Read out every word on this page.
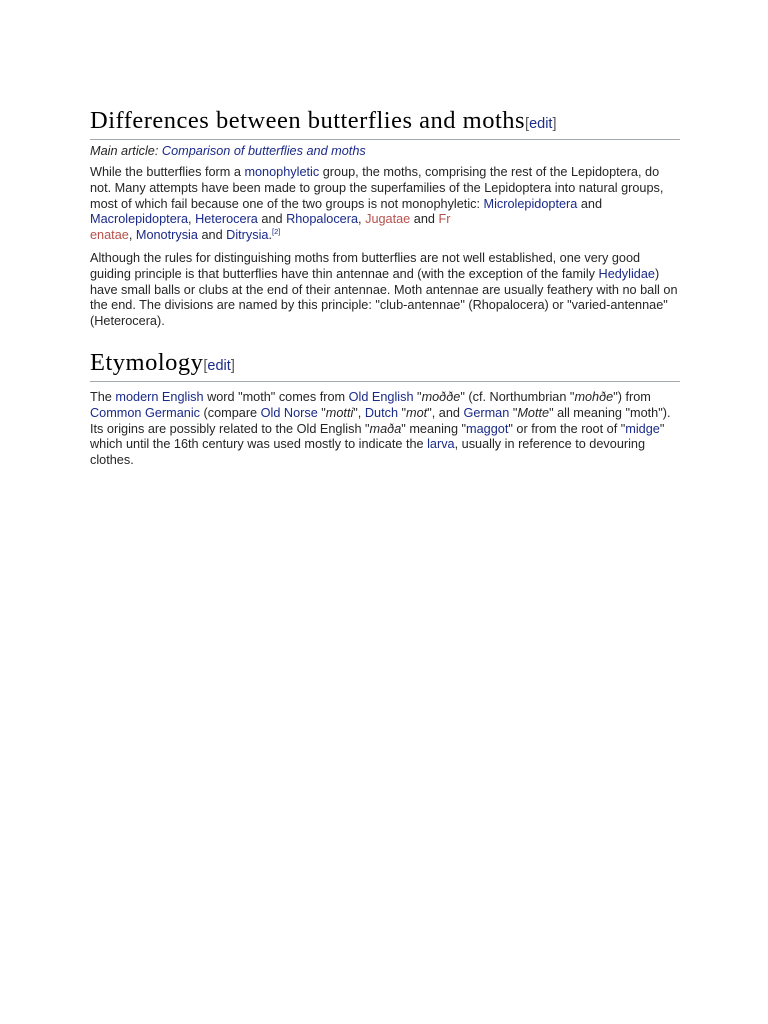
Differences between butterflies and moths[edit]
Main article: Comparison of butterflies and moths

While the butterflies form a monophyletic group, the moths, comprising the rest of the Lepidoptera, do not. Many attempts have been made to group the superfamilies of the Lepidoptera into natural groups, most of which fail because one of the two groups is not monophyletic: Microlepidoptera and Macrolepidoptera, Heterocera and Rhopalocera, Jugatae and Fr
enatae, Monotrysia and Ditrysia.[2]

Although the rules for distinguishing moths from butterflies are not well established, one very good guiding principle is that butterflies have thin antennae and (with the exception of the family Hedylidae) have small balls or clubs at the end of their antennae. Moth antennae are usually feathery with no ball on the end. The divisions are named by this principle: "club-antennae" (Rhopalocera) or "varied-antennae" (Heterocera).

Etymology[edit]

The modern English word "moth" comes from Old English "moððe" (cf. Northumbrian "mohðe") from Common Germanic (compare Old Norse "motti", Dutch "mot", and German "Motte" all meaning "moth"). Its origins are possibly related to the Old English "maða" meaning "maggot" or from the root of "midge" which until the 16th century was used mostly to indicate the larva, usually in reference to devouring clothes.
